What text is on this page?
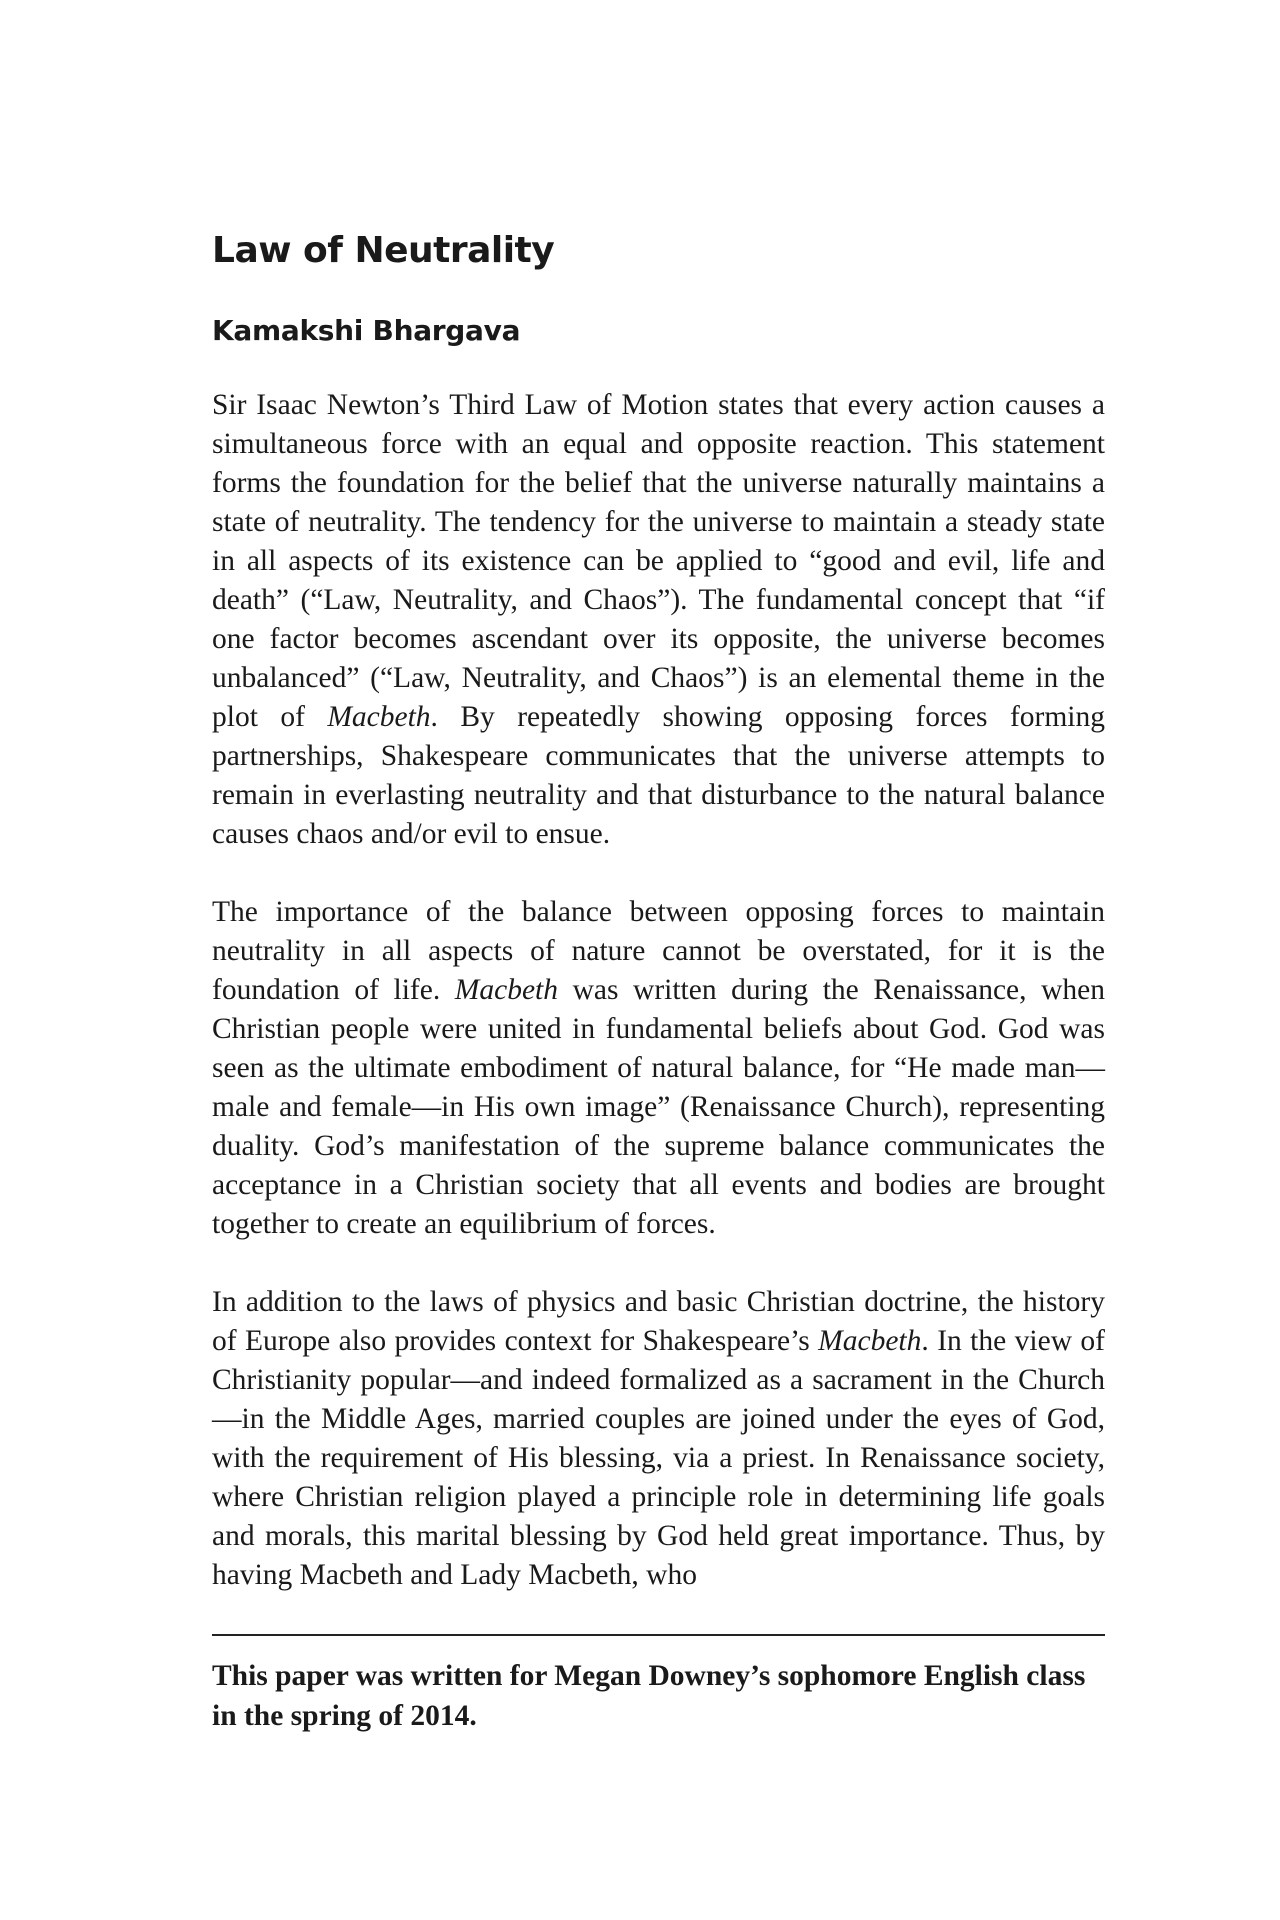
Law of Neutrality
Kamakshi Bhargava

Sir Isaac Newton’s Third Law of Motion states that every action causes a simultaneous force with an equal and opposite reaction. This statement forms the foundation for the belief that the universe naturally maintains a state of neutrality. The tendency for the universe to maintain a steady state in all aspects of its existence can be applied to “good and evil, life and death” (“Law, Neutrality, and Chaos”). The fundamental concept that “if one factor becomes ascendant over its opposite, the universe becomes unbalanced” (“Law, Neutrality, and Chaos”) is an elemental theme in the plot of Macbeth. By repeatedly showing opposing forces forming partnerships, Shakespeare communicates that the universe attempts to remain in everlasting neutrality and that disturbance to the natural balance causes chaos and/or evil to ensue.

The importance of the balance between opposing forces to maintain neutrality in all aspects of nature cannot be overstated, for it is the foundation of life. Macbeth was written during the Renaissance, when Christian people were united in fundamental beliefs about God. God was seen as the ultimate embodiment of natural balance, for “He made man—male and female—in His own image” (Renaissance Church), representing duality. God’s manifestation of the supreme balance communicates the acceptance in a Christian society that all events and bodies are brought together to create an equilibrium of forces.

In addition to the laws of physics and basic Christian doctrine, the history of Europe also provides context for Shakespeare’s Macbeth. In the view of Christianity popular—and indeed formalized as a sacrament in the Church—in the Middle Ages, married couples are joined under the eyes of God, with the requirement of His blessing, via a priest. In Renaissance society, where Christian religion played a principle role in determining life goals and morals, this marital blessing by God held great importance. Thus, by having Macbeth and Lady Macbeth, who

This paper was written for Megan Downey’s sophomore English class in the spring of 2014.
